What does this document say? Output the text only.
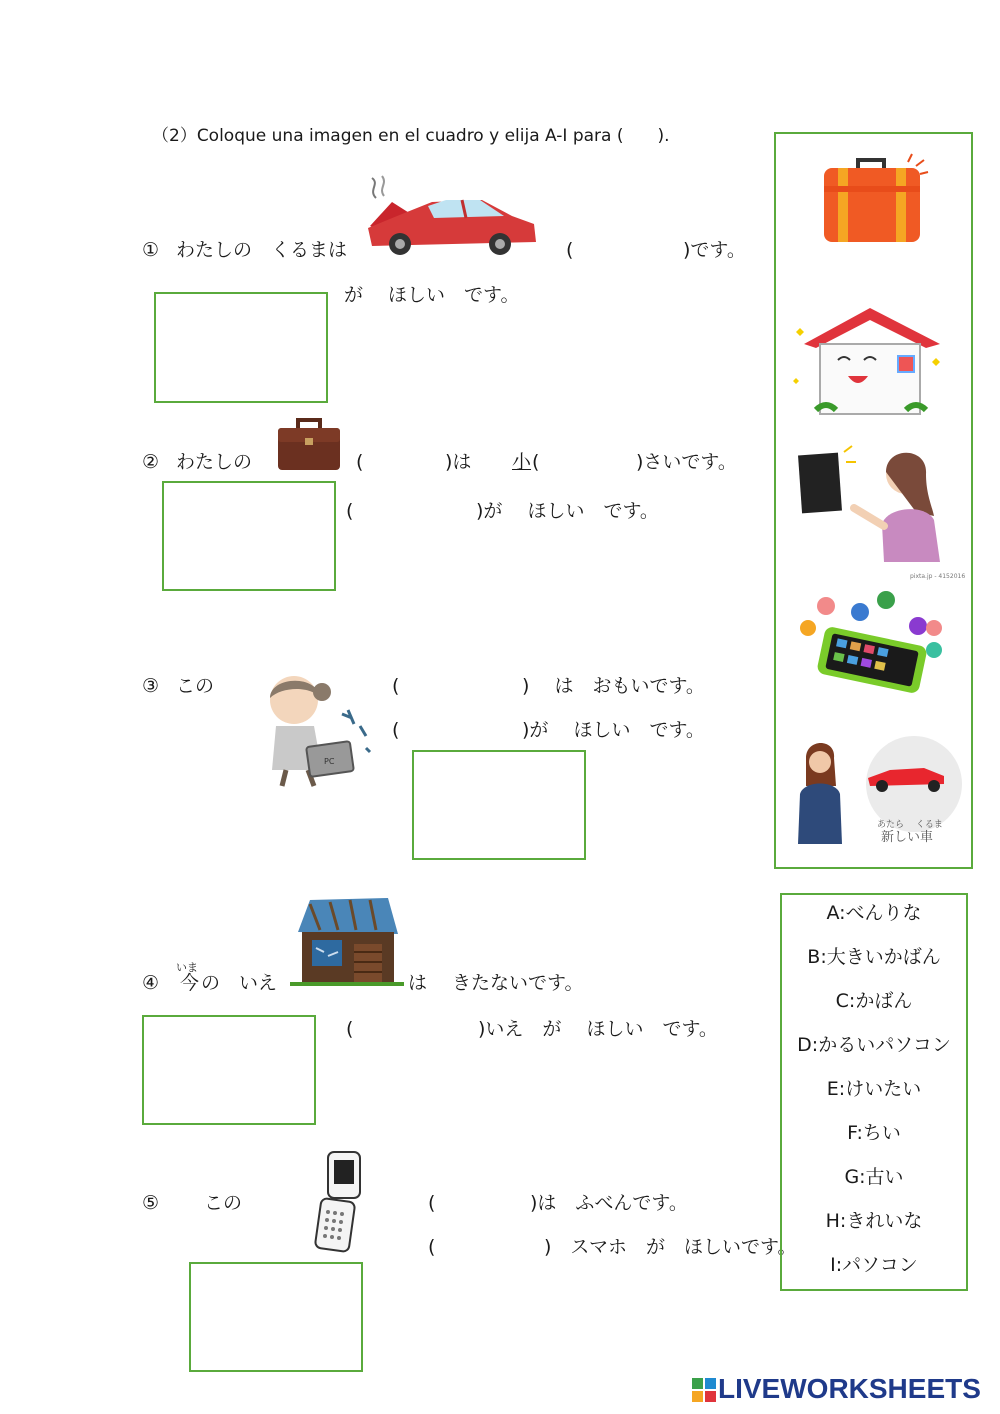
（2）Coloque una imagen en el cuadro y elija A-I para (　　).
① わたしの　くるまは	(	)です。
が　 ほしい　です。
② わたしの	(	)は 小 (	)さいです。
(	)が　 ほしい　です。
③ この
PC
(	)　 は　おもいです。
(	)が　 ほしい　です。
④
いま
今 の　いえ	は　 きたないです。
(	)いえ　が　 ほしい　です。
⑤ この	(	)は　ふべんです。
(	)　スマホ　が　ほしいです。
pixta.jp - 4152016
あたら　 くるま
新しい車
A:べんりな
B:大きいかばん
C:かばん
D:かるいパソコン
E:けいたい
F:ちい
G:古い
H:きれいな
I:パソコン
LIVEWORKSHEETS
